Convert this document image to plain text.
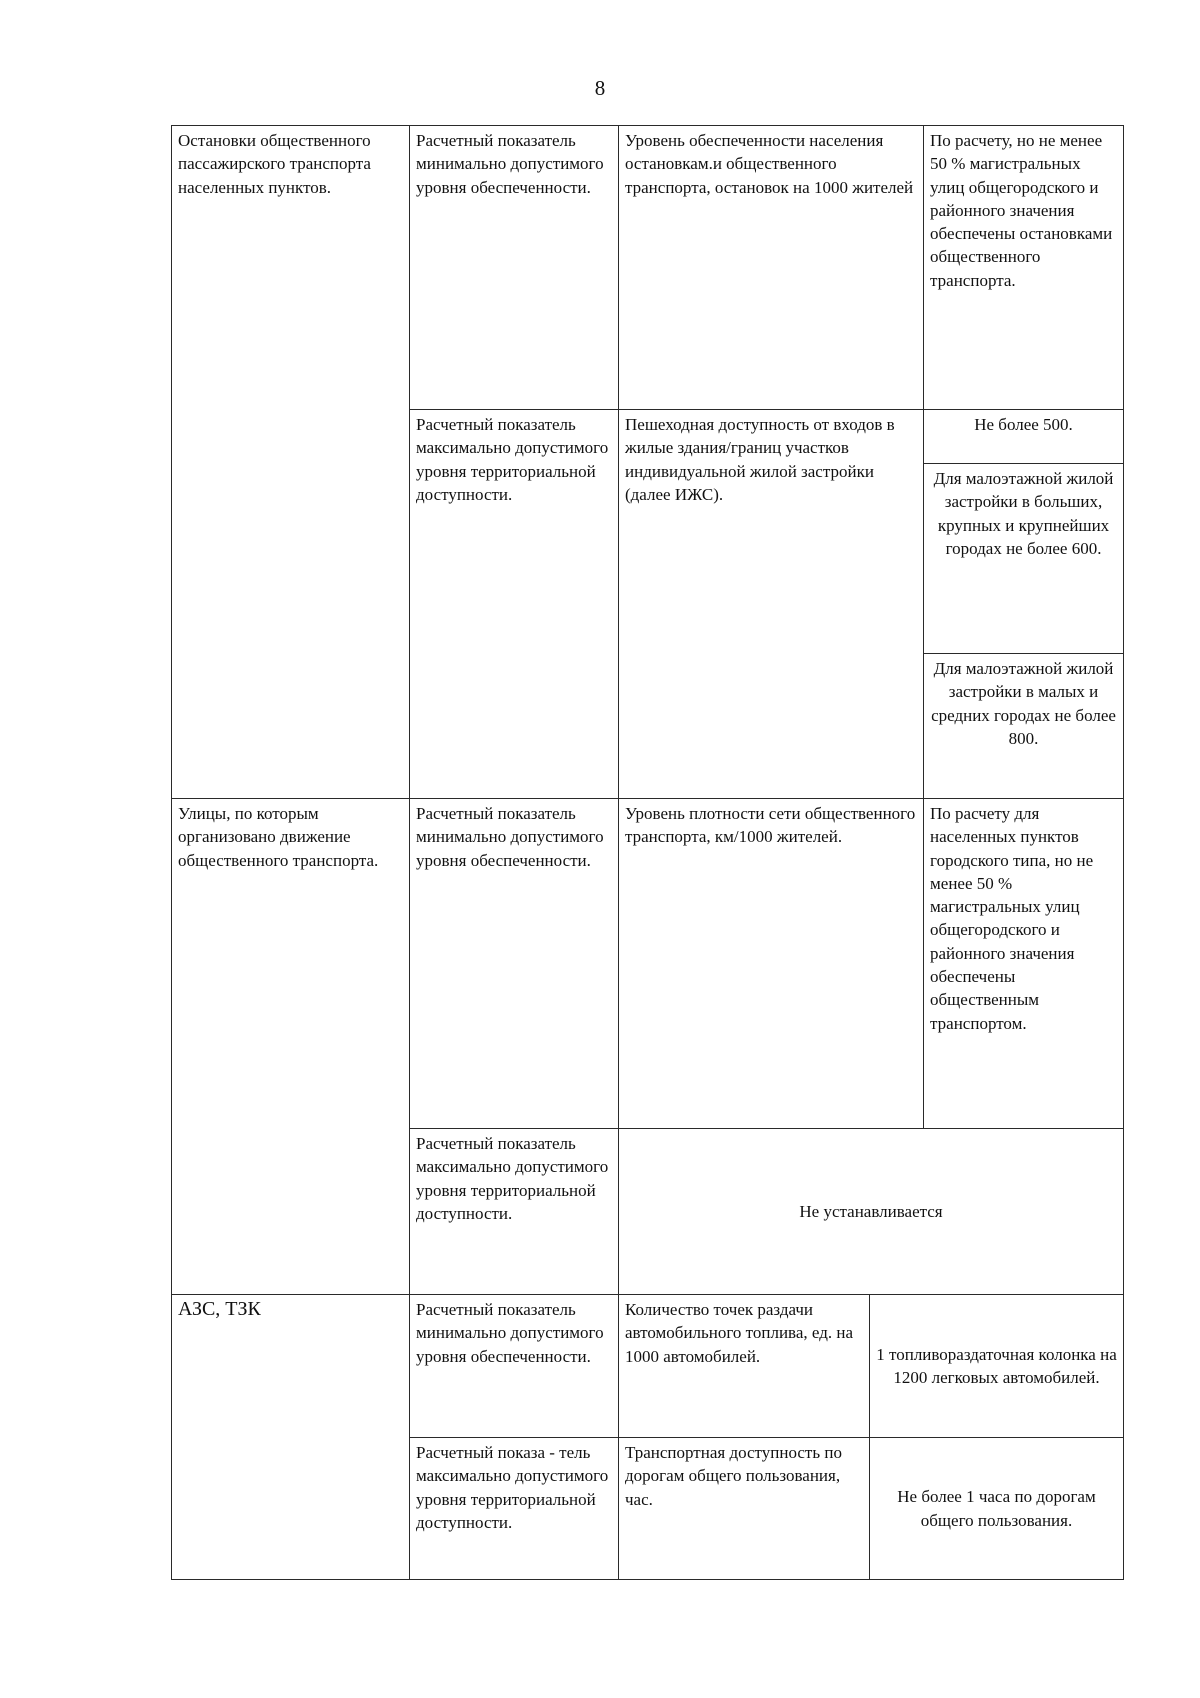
8
Остановки общественного пассажирского транспорта населенных пунктов.	Расчетный показатель минимально допустимого уровня обеспеченности.	Уровень обеспеченности населения остановкам.и общественного транспорта, остановок на 1000 жителей		По расчету, но не менее 50 % магистральных улиц общегородского и районного значения обеспечены остановками общественного транспорта.
	Расчетный показатель максимально допустимого уровня территориальной доступности.	Пешеходная доступность от входов в жилые здания/границ участков индивидуальной жилой застройки (далее ИЖС).		Не более 500.
				Для малоэтажной жилой застройки в больших, крупных и крупнейших городах не более 600.
				Для малоэтажной жилой застройки в малых и средних городах не более 800.
Улицы, по которым организовано движение общественного транспорта.	Расчетный показатель минимально допустимого уровня обеспеченности.	Уровень плотности сети общественного транспорта, км/1000 жителей.		По расчету для населенных пунктов городского типа, но не менее 50 % магистральных улиц общегородского и районного значения обеспечены общественным транспортом.
	Расчетный показатель максимально допустимого уровня территориальной доступности.	Не устанавливается		
АЗС, ТЗК	Расчетный показатель минимально допустимого уровня обеспеченности.	Количество точек раздачи автомобильного топлива, ед. на 1000 автомобилей.	1 топливораздаточная колонка на 1200 легковых автомобилей.	
	Расчетный показа - тель максимально допустимого уровня территориальной доступности.	Транспортная доступность по дорогам общего пользования, час.	Не более 1 часа по дорогам общего пользования.	
